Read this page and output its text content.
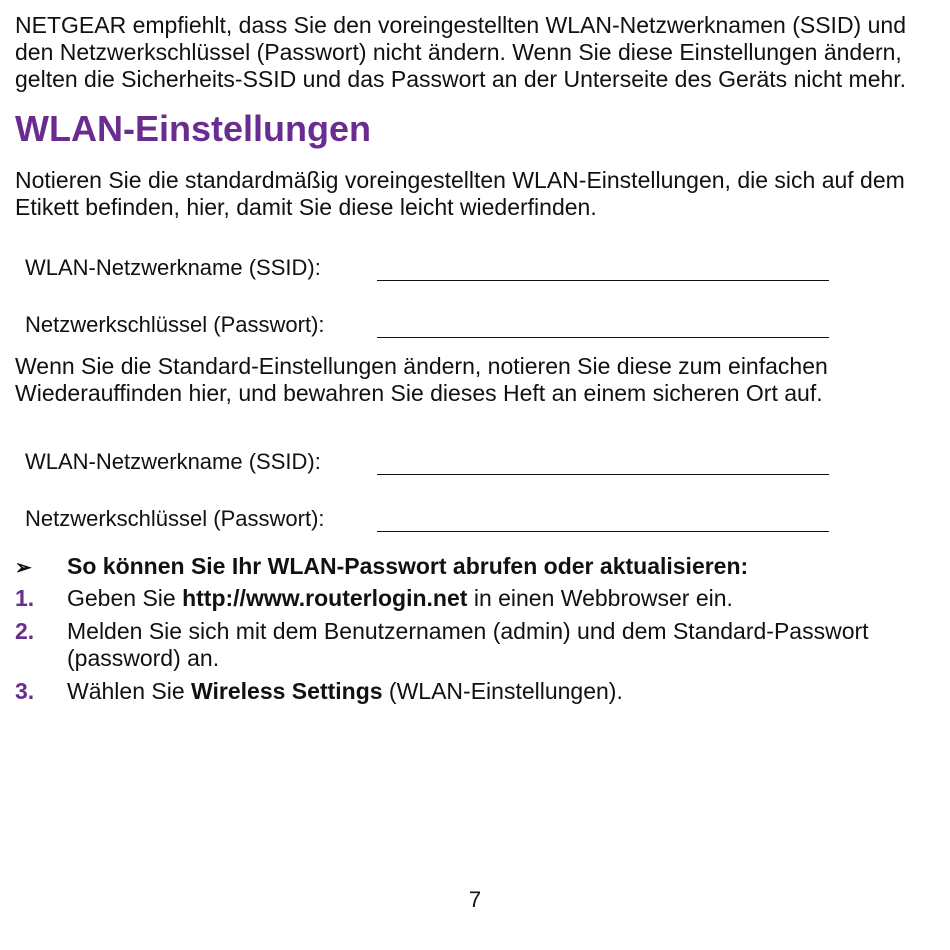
NETGEAR empfiehlt, dass Sie den voreingestellten WLAN-Netzwerknamen (SSID) und den Netzwerkschlüssel (Passwort) nicht ändern. Wenn Sie diese Einstellungen ändern, gelten die Sicherheits-SSID und das Passwort an der Unterseite des Geräts nicht mehr.

WLAN-Einstellungen

Notieren Sie die standardmäßig voreingestellten WLAN-Einstellungen, die sich auf dem Etikett befinden, hier, damit Sie diese leicht wiederfinden.

WLAN-Netzwerkname (SSID):
Netzwerkschlüssel (Passwort):

Wenn Sie die Standard-Einstellungen ändern, notieren Sie diese zum einfachen Wiederauffinden hier, und bewahren Sie dieses Heft an einem sicheren Ort auf.

WLAN-Netzwerkname (SSID):
Netzwerkschlüssel (Passwort):
➢	So können Sie Ihr WLAN-Passwort abrufen oder aktualisieren:
1.	Geben Sie http://www.routerlogin.net in einen Webbrowser ein.
2.	Melden Sie sich mit dem Benutzernamen (admin) und dem Standard-Passwort (password) an.
3.	Wählen Sie Wireless Settings (WLAN-Einstellungen).
7
